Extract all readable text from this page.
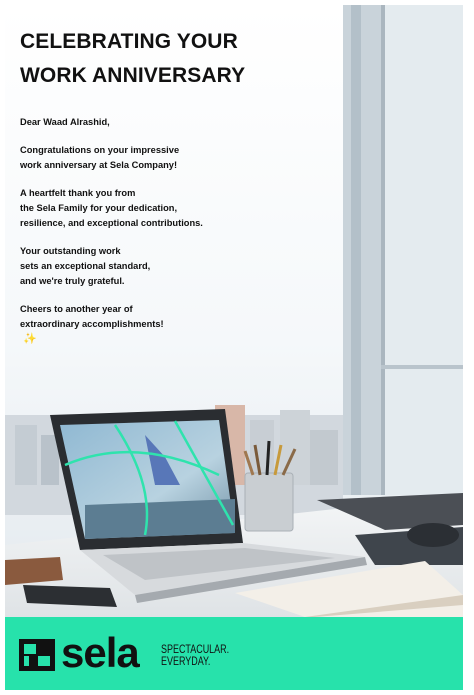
CELEBRATING YOUR
WORK ANNIVERSARY

Dear Waad Alrashid,

Congratulations on your impressive
work anniversary at Sela Company!

A heartfelt thank you from
the Sela Family for your dedication,
resilience, and exceptional contributions.

Your outstanding work
sets an exceptional standard,
and we're truly grateful.

Cheers to another year of
extraordinary accomplishments!
✨

sela SPECTACULAR.
EVERYDAY.
